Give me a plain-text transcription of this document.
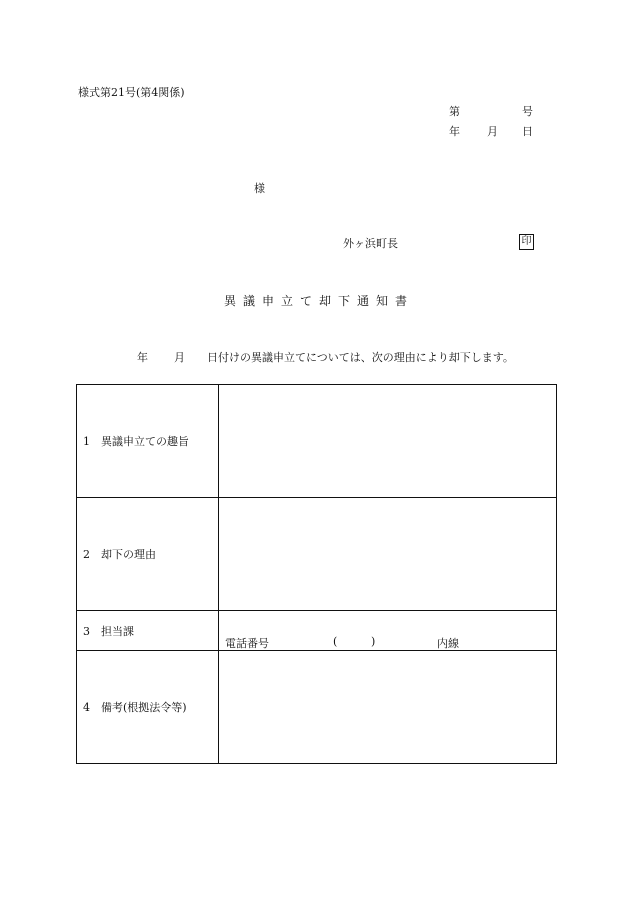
様式第21号(第4関係)
第	号
年 月 日
様
外ヶ浜町長	印
異議申立て却下通知書
年 月 日付けの異議申立てについては、次の理由により却下します。
1 異議申立ての趣旨	
2 却下の理由	
3 担当課	電話番号 ( ) 内線

4 備考(根拠法令等)	
